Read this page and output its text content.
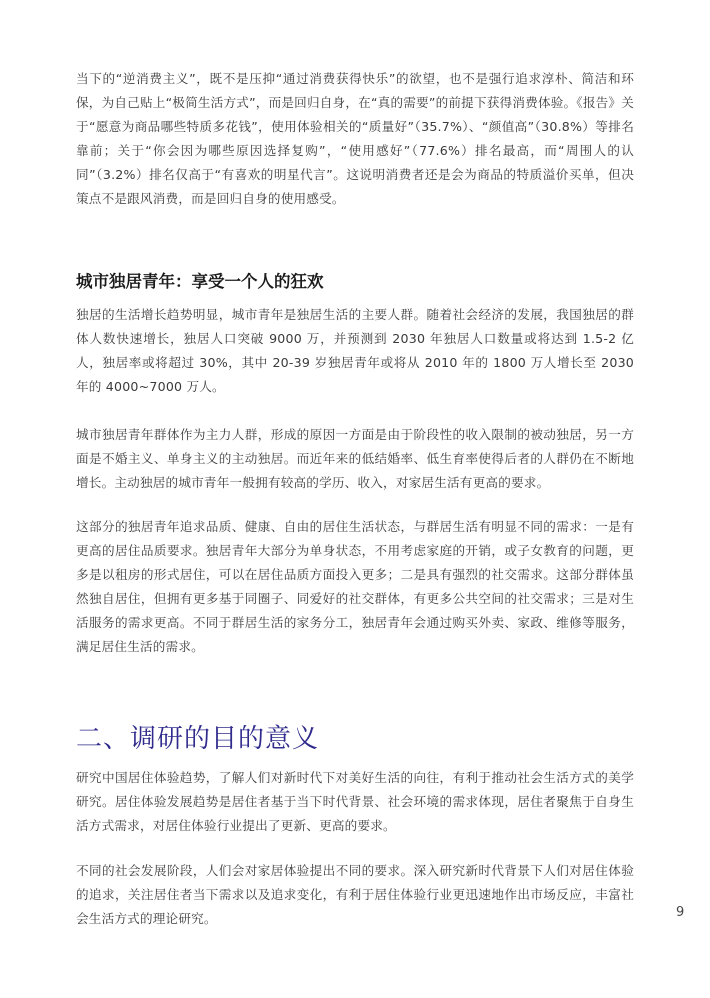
当下的“逆消费主义”，既不是压抑“通过消费获得快乐”的欲望，也不是强行追求淳朴、简洁和环保，为自己贴上“极简生活方式”，而是回归自身，在“真的需要”的前提下获得消费体验。《报告》关于“愿意为商品哪些特质多花钱”，使用体验相关的“质量好”（35.7%）、“颜值高”（30.8%）等排名靠前；关于“你会因为哪些原因选择复购”，“使用感好”（77.6%）排名最高，而“周围人的认同”（3.2%）排名仅高于“有喜欢的明星代言”。这说明消费者还是会为商品的特质溢价买单，但决策点不是跟风消费，而是回归自身的使用感受。

城市独居青年：享受一个人的狂欢

独居的生活增长趋势明显，城市青年是独居生活的主要人群。随着社会经济的发展，我国独居的群体人数快速增长，独居人口突破 9000 万，并预测到 2030 年独居人口数量或将达到 1.5-2 亿人，独居率或将超过 30%，其中 20-39 岁独居青年或将从 2010 年的 1800 万人增长至 2030 年的 4000~7000 万人。

城市独居青年群体作为主力人群，形成的原因一方面是由于阶段性的收入限制的被动独居，另一方面是不婚主义、单身主义的主动独居。而近年来的低结婚率、低生育率使得后者的人群仍在不断地增长。主动独居的城市青年一般拥有较高的学历、收入，对家居生活有更高的要求。

这部分的独居青年追求品质、健康、自由的居住生活状态，与群居生活有明显不同的需求：一是有更高的居住品质要求。独居青年大部分为单身状态，不用考虑家庭的开销，或子女教育的问题，更多是以租房的形式居住，可以在居住品质方面投入更多；二是具有强烈的社交需求。这部分群体虽然独自居住，但拥有更多基于同圈子、同爱好的社交群体，有更多公共空间的社交需求；三是对生活服务的需求更高。不同于群居生活的家务分工，独居青年会通过购买外卖、家政、维修等服务，满足居住生活的需求。

二、调研的目的意义

研究中国居住体验趋势，了解人们对新时代下对美好生活的向往，有利于推动社会生活方式的美学研究。居住体验发展趋势是居住者基于当下时代背景、社会环境的需求体现，居住者聚焦于自身生活方式需求，对居住体验行业提出了更新、更高的要求。

不同的社会发展阶段，人们会对家居体验提出不同的要求。深入研究新时代背景下人们对居住体验的追求，关注居住者当下需求以及追求变化，有利于居住体验行业更迅速地作出市场反应，丰富社会生活方式的理论研究。	9
